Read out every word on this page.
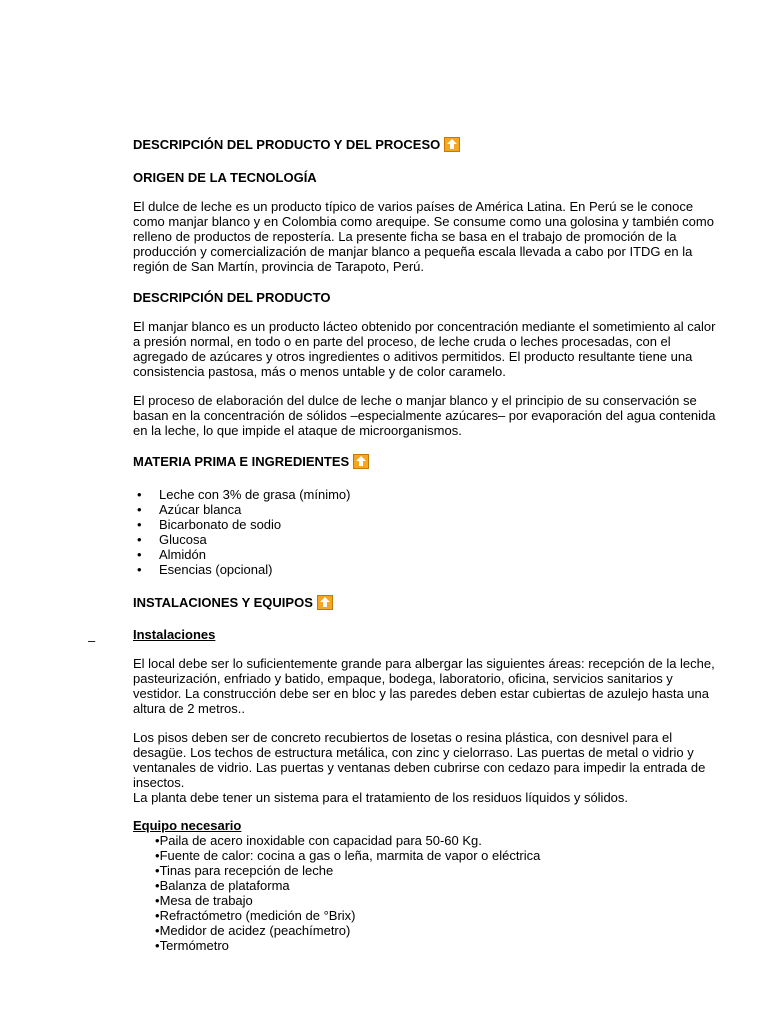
–
DESCRIPCIÓN DEL PRODUCTO Y DEL PROCESO
ORIGEN DE LA TECNOLOGÍA

El dulce de leche es un producto típico de varios países de América Latina. En Perú se le conoce como manjar blanco y en Colombia como arequipe. Se consume como una golosina y también como relleno de productos de repostería. La presente ficha se basa en el trabajo de promoción de la producción y comercialización de manjar blanco a pequeña escala llevada a cabo por ITDG en la región de San Martín, provincia de Tarapoto, Perú.

DESCRIPCIÓN DEL PRODUCTO

El manjar blanco es un producto lácteo obtenido por concentración mediante el sometimiento al calor a presión normal, en todo o en parte del proceso, de leche cruda o leches procesadas, con el agregado de azúcares y otros ingredientes o aditivos permitidos. El producto resultante tiene una consistencia pastosa, más o menos untable y de color caramelo.

El proceso de elaboración del dulce de leche o manjar blanco y el principio de su conservación se basan en la concentración de sólidos –especialmente azúcares– por evaporación del agua contenida en la leche, lo que impide el ataque de microorganismos.

MATERIA PRIMA E INGREDIENTES
• Leche con 3% de grasa (mínimo)
• Azúcar blanca
• Bicarbonato de sodio
• Glucosa
• Almidón
• Esencias (opcional)
INSTALACIONES Y EQUIPOS

Instalaciones

El local debe ser lo suficientemente grande para albergar las siguientes áreas: recepción de la leche, pasteurización, enfriado y batido, empaque, bodega, laboratorio, oficina, servicios sanitarios y vestidor. La construcción debe ser en bloc y las paredes deben estar cubiertas de azulejo hasta una altura de 2 metros..

Los pisos deben ser de concreto recubiertos de losetas o resina plástica, con desnivel para el desagüe. Los techos de estructura metálica, con zinc y cielorraso. Las puertas de metal o vidrio y ventanales de vidrio. Las puertas y ventanas deben cubrirse con cedazo para impedir la entrada de insectos.

La planta debe tener un sistema para el tratamiento de los residuos líquidos y sólidos.

Equipo necesario

•Paila de acero inoxidable con capacidad para 50-60 Kg.
•Fuente de calor: cocina a gas o leña, marmita de vapor o eléctrica
•Tinas para recepción de leche
•Balanza de plataforma
•Mesa de trabajo
•Refractómetro (medición de °Brix)
•Medidor de acidez (peachímetro)
•Termómetro
